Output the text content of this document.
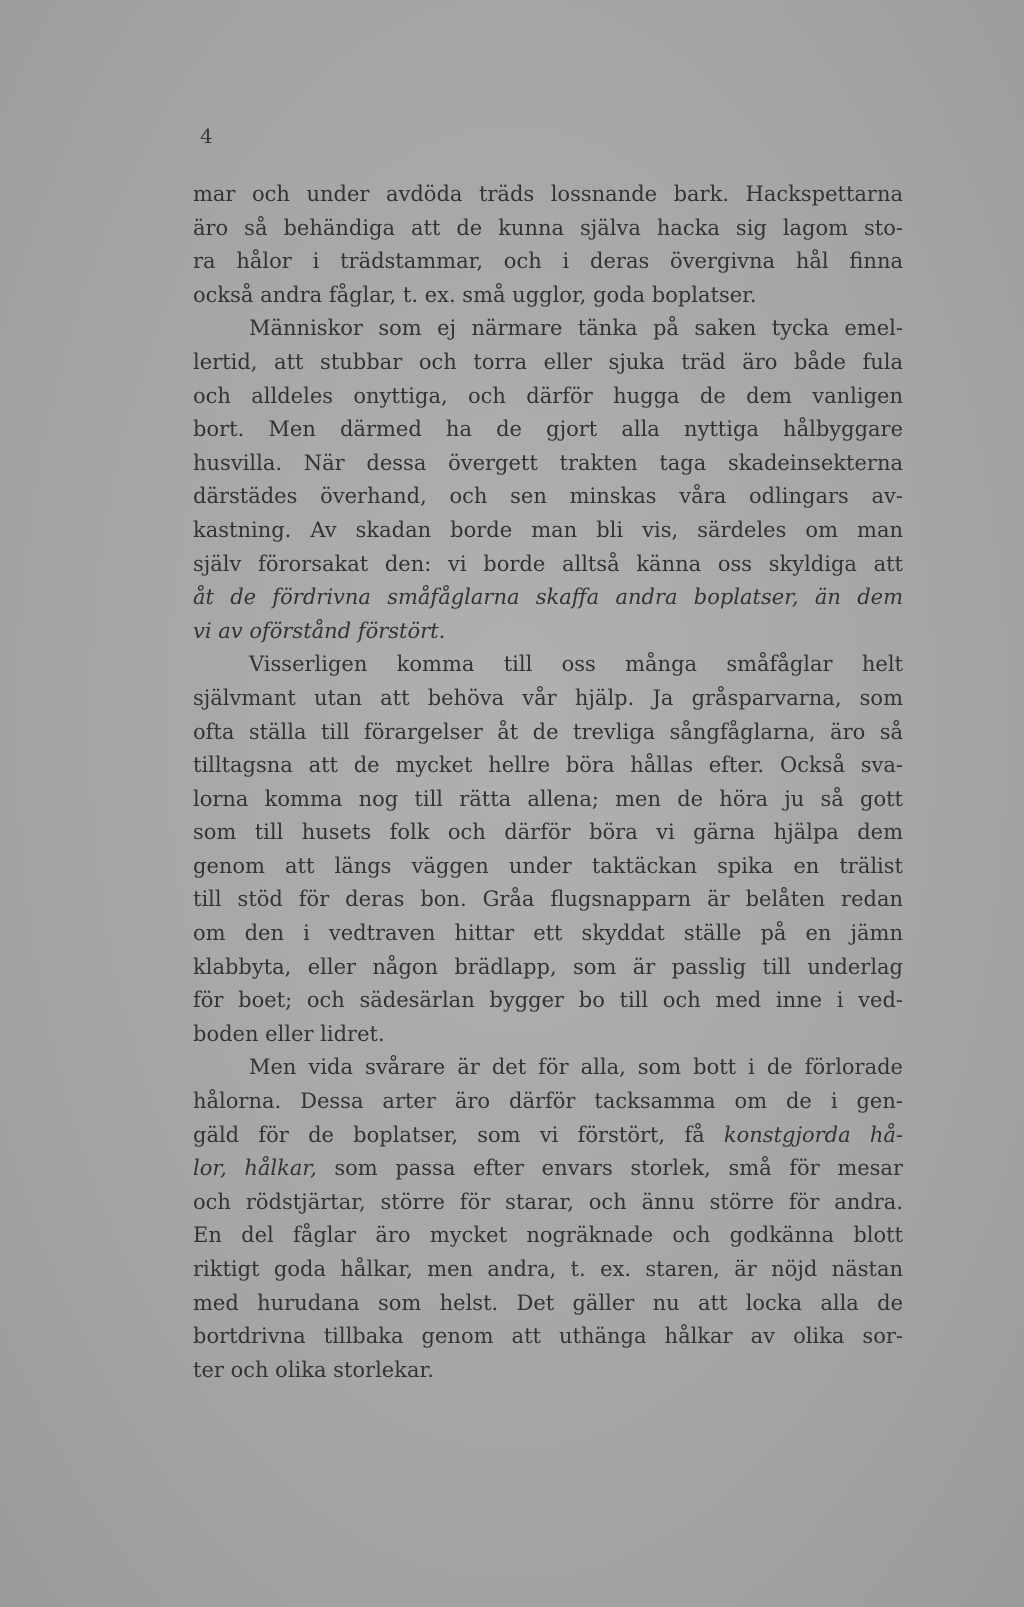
4
mar och under avdöda träds lossnande bark. Hackspettarna
äro så behändiga att de kunna själva hacka sig lagom sto-
ra hålor i trädstammar, och i deras övergivna hål finna
också andra fåglar, t. ex. små ugglor, goda boplatser.
Människor som ej närmare tänka på saken tycka emel-
lertid, att stubbar och torra eller sjuka träd äro både fula
och alldeles onyttiga, och därför hugga de dem vanligen
bort. Men därmed ha de gjort alla nyttiga hålbyggare
husvilla. När dessa övergett trakten taga skadeinsekterna
därstädes överhand, och sen minskas våra odlingars av-
kastning. Av skadan borde man bli vis, särdeles om man
själv förorsakat den: vi borde alltså känna oss skyldiga att
åt de fördrivna småfåglarna skaffa andra boplatser, än dem
vi av oförstånd förstört.
Visserligen komma till oss många småfåglar helt
självmant utan att behöva vår hjälp. Ja gråsparvarna, som
ofta ställa till förargelser åt de trevliga sångfåglarna, äro så
tilltagsna att de mycket hellre böra hållas efter. Också sva-
lorna komma nog till rätta allena; men de höra ju så gott
som till husets folk och därför böra vi gärna hjälpa dem
genom att längs väggen under taktäckan spika en trälist
till stöd för deras bon. Gråa flugsnapparn är belåten redan
om den i vedtraven hittar ett skyddat ställe på en jämn
klabbyta, eller någon brädlapp, som är passlig till underlag
för boet; och sädesärlan bygger bo till och med inne i ved-
boden eller lidret.
Men vida svårare är det för alla, som bott i de förlorade
hålorna. Dessa arter äro därför tacksamma om de i gen-
gäld för de boplatser, som vi förstört, få konstgjorda hå-
lor, hålkar, som passa efter envars storlek, små för mesar
och rödstjärtar, större för starar, och ännu större för andra.
En del fåglar äro mycket nogräknade och godkänna blott
riktigt goda hålkar, men andra, t. ex. staren, är nöjd nästan
med hurudana som helst. Det gäller nu att locka alla de
bortdrivna tillbaka genom att uthänga hålkar av olika sor-
ter och olika storlekar.
